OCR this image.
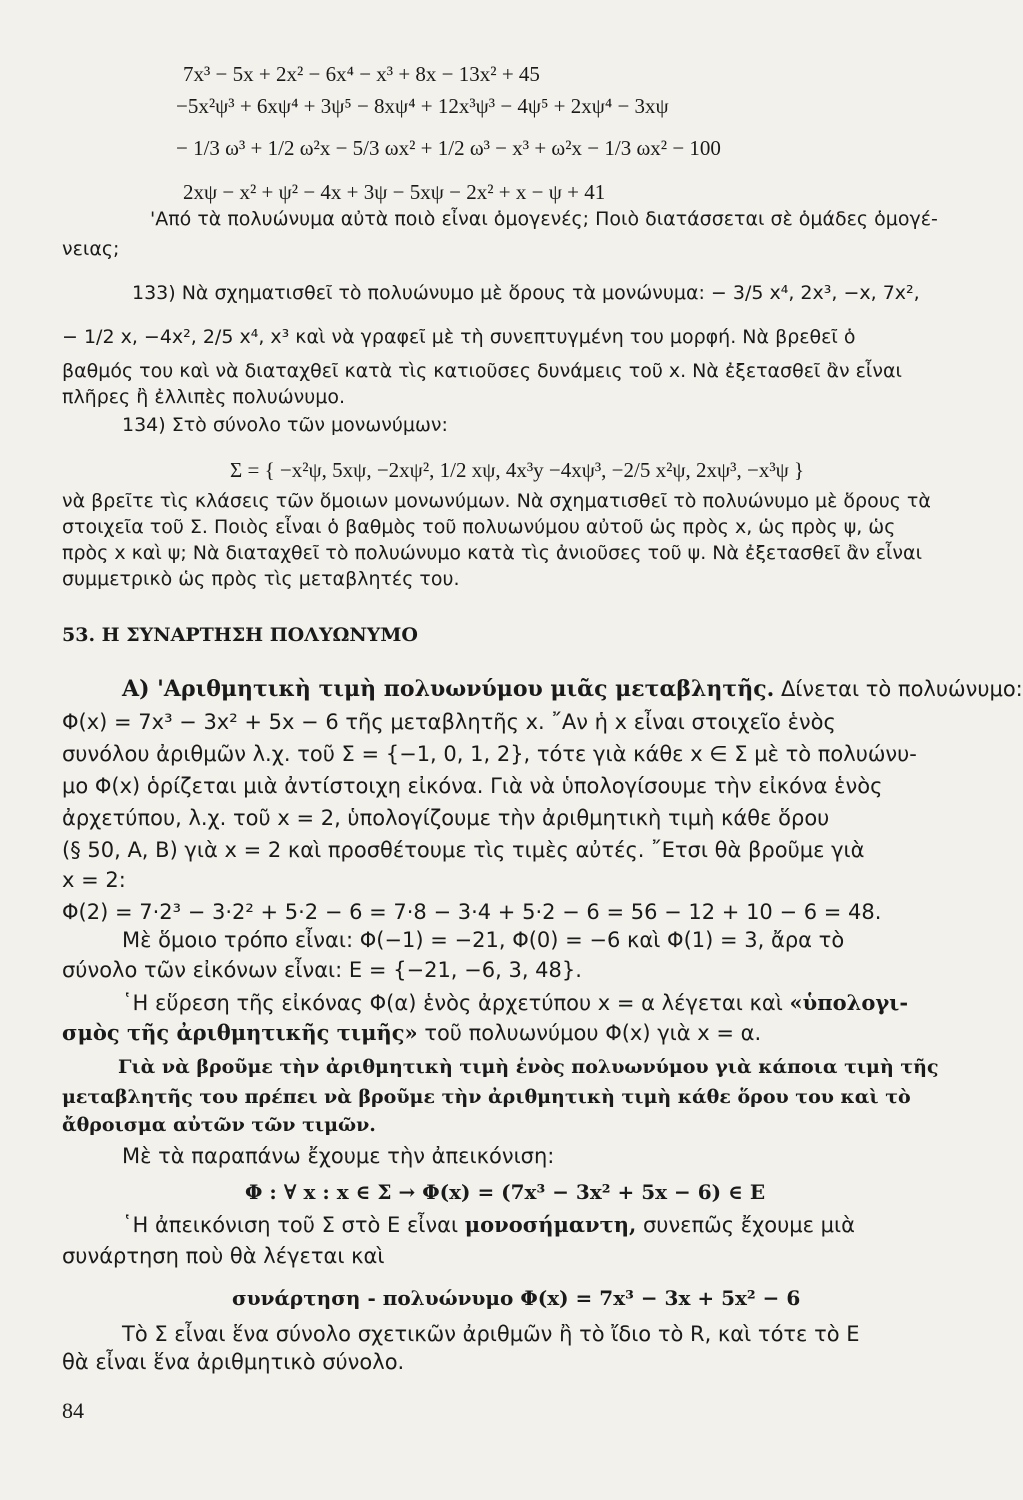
7x³ − 5x + 2x² − 6x⁴ − x³ + 8x − 13x² + 45
−5x²ψ³ + 6xψ⁴ + 3ψ⁵ − 8xψ⁴ + 12x³ψ³ − 4ψ⁵ + 2xψ⁴ − 3xψ
− 1/3 ω³ + 1/2 ω²x − 5/3 ωx² + 1/2 ω³ − x³ + ω²x − 1/3 ωx² − 100
2xψ − x² + ψ² − 4x + 3ψ − 5xψ − 2x² + x − ψ + 41
'Από τὰ πολυώνυμα αὐτὰ ποιὸ εἶναι ὁμογενές; Ποιὸ διατάσσεται σὲ ὁμάδες ὁμογέ-
νειας;
133) Νὰ σχηματισθεῖ τὸ πολυώνυμο μὲ ὅρους τὰ μονώνυμα: − 3/5 x⁴, 2x³, −x, 7x²,
− 1/2 x, −4x², 2/5 x⁴, x³ καὶ νὰ γραφεῖ μὲ τὴ συνεπτυγμένη του μορφή. Νὰ βρεθεῖ ὁ
βαθμός του καὶ νὰ διαταχθεῖ κατὰ τὶς κατιοῦσες δυνάμεις τοῦ x. Νὰ ἐξετασθεῖ ἂν εἶναι
πλῆρες ἢ ἐλλιπὲς πολυώνυμο.
134) Στὸ σύνολο τῶν μονωνύμων:
Σ = { −x²ψ, 5xψ, −2xψ², 1/2 xψ, 4x³y −4xψ³, −2/5 x²ψ, 2xψ³, −x³ψ }
νὰ βρεῖτε τὶς κλάσεις τῶν ὅμοιων μονωνύμων. Νὰ σχηματισθεῖ τὸ πολυώνυμο μὲ ὅρους τὰ
στοιχεῖα τοῦ Σ. Ποιὸς εἶναι ὁ βαθμὸς τοῦ πολυωνύμου αὐτοῦ ὡς πρὸς x, ὡς πρὸς ψ, ὡς
πρὸς x καὶ ψ; Νὰ διαταχθεῖ τὸ πολυώνυμο κατὰ τὶς ἀνιοῦσες τοῦ ψ. Νὰ ἐξετασθεῖ ἂν εἶναι
συμμετρικὸ ὡς πρὸς τὶς μεταβλητές του.
53. Η ΣΥΝΑΡΤΗΣΗ ΠΟΛΥΩΝΥΜΟ
A) 'Αριθμητικὴ τιμὴ πολυωνύμου μιᾶς μεταβλητῆς. Δίνεται τὸ πολυώνυμο:
Φ(x) = 7x³ − 3x² + 5x − 6 τῆς μεταβλητῆς x. ῎Αν ἡ x εἶναι στοιχεῖο ἑνὸς
συνόλου ἀριθμῶν λ.χ. τοῦ Σ = {−1, 0, 1, 2}, τότε γιὰ κάθε x ∈ Σ μὲ τὸ πολυώνυ-
μο Φ(x) ὁρίζεται μιὰ ἀντίστοιχη εἰκόνα. Γιὰ νὰ ὑπολογίσουμε τὴν εἰκόνα ἑνὸς
ἀρχετύπου, λ.χ. τοῦ x = 2, ὑπολογίζουμε τὴν ἀριθμητικὴ τιμὴ κάθε ὅρου
(§ 50, A, B) γιὰ x = 2 καὶ προσθέτουμε τὶς τιμὲς αὐτές. ῎Ετσι θὰ βροῦμε γιὰ
x = 2:
Φ(2) = 7·2³ − 3·2² + 5·2 − 6 = 7·8 − 3·4 + 5·2 − 6 = 56 − 12 + 10 − 6 = 48.
Μὲ ὅμοιο τρόπο εἶναι: Φ(−1) = −21, Φ(0) = −6 καὶ Φ(1) = 3, ἄρα τὸ
σύνολο τῶν εἰκόνων εἶναι: E = {−21, −6, 3, 48}.
῾Η εὕρεση τῆς εἰκόνας Φ(α) ἑνὸς ἀρχετύπου x = α λέγεται καὶ «ὑπολογι-
σμὸς τῆς ἀριθμητικῆς τιμῆς» τοῦ πολυωνύμου Φ(x) γιὰ x = α.
Γιὰ νὰ βροῦμε τὴν ἀριθμητικὴ τιμὴ ἑνὸς πολυωνύμου γιὰ κάποια τιμὴ τῆς
μεταβλητῆς του πρέπει νὰ βροῦμε τὴν ἀριθμητικὴ τιμὴ κάθε ὅρου του καὶ τὸ
ἄθροισμα αὐτῶν τῶν τιμῶν.
Μὲ τὰ παραπάνω ἔχουμε τὴν ἀπεικόνιση:
Φ : ∀ x : x ∈ Σ → Φ(x) = (7x³ − 3x² + 5x − 6) ∈ E
῾Η ἀπεικόνιση τοῦ Σ στὸ E εἶναι μονοσήμαντη, συνεπῶς ἔχουμε μιὰ
συνάρτηση ποὺ θὰ λέγεται καὶ
συνάρτηση - πολυώνυμο Φ(x) = 7x³ − 3x + 5x² − 6
Τὸ Σ εἶναι ἕνα σύνολο σχετικῶν ἀριθμῶν ἢ τὸ ἴδιο τὸ R, καὶ τότε τὸ E
θὰ εἶναι ἕνα ἀριθμητικὸ σύνολο.
84
